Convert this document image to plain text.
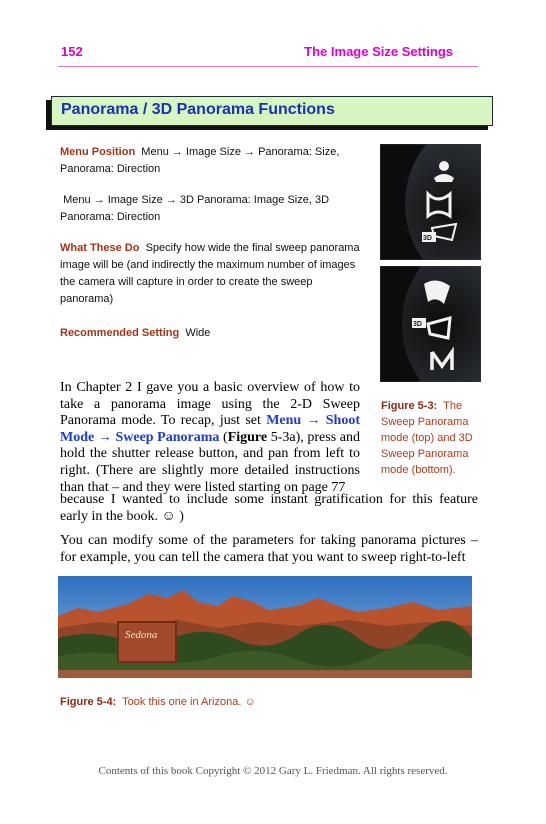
152	The Image Size Settings
Panorama / 3D Panorama Functions
Menu Position Menu → Image Size → Panorama: Size, Panorama: Direction
Menu → Image Size → 3D Panorama: Image Size, 3D Panorama: Direction
What These Do Specify how wide the final sweep panorama image will be (and indirectly the maximum number of images the camera will capture in order to create the sweep panorama)
Recommended Setting Wide
3D
3D
Figure 5-3: The Sweep Panorama mode (top) and 3D Sweep Panorama mode (bottom).
In Chapter 2 I gave you a basic overview of how to take a panorama image using the 2-D Sweep Panorama mode. To recap, just set Menu → Shoot Mode → Sweep Panorama (Figure 5-3a), press and hold the shutter release button, and pan from left to right. (There are slightly more detailed instructions than that – and they were listed starting on page 77
because I wanted to include some instant gratification for this feature early in the book. ☺ )
You can modify some of the parameters for taking panorama pictures – for example, you can tell the camera that you want to sweep right-to-left
Sedona
Figure 5-4: Took this one in Arizona. ☺
Contents of this book Copyright © 2012 Gary L. Friedman. All rights reserved.
